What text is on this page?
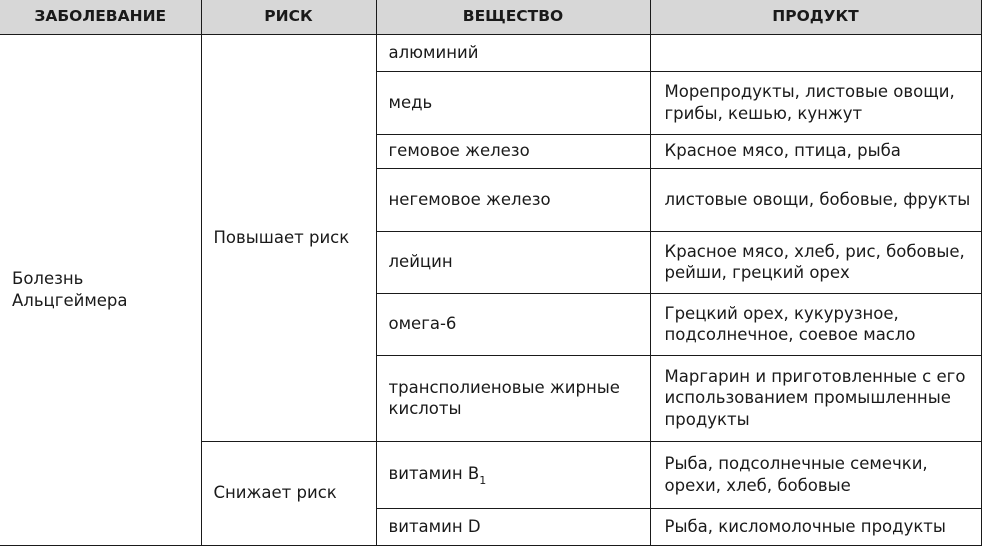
ЗАБОЛЕВАНИЕ	РИСК	ВЕЩЕСТВО	ПРОДУКТ

Болезнь Альцгеймера	Повышает риск	алюминий	
		медь	Морепродукты, листовые овощи, грибы, кешью, кунжут
		гемовое железо	Красное мясо, птица, рыба
		негемовое железо	листовые овощи, бобовые, фрукты
		лейцин	Красное мясо, хлеб, рис, бобовые, рейши, грецкий орех
		омега-6	Грецкий орех, кукурузное, подсолнечное, соевое масло
		трансполиеновые жирные кислоты	Маргарин и приготовленные с его использованием промышленные продукты
	Снижает риск	витамин $B_1$	Рыба, подсолнечные семечки, орехи, хлеб, бобовые
		витамин D	Рыба, кисломолочные продукты
